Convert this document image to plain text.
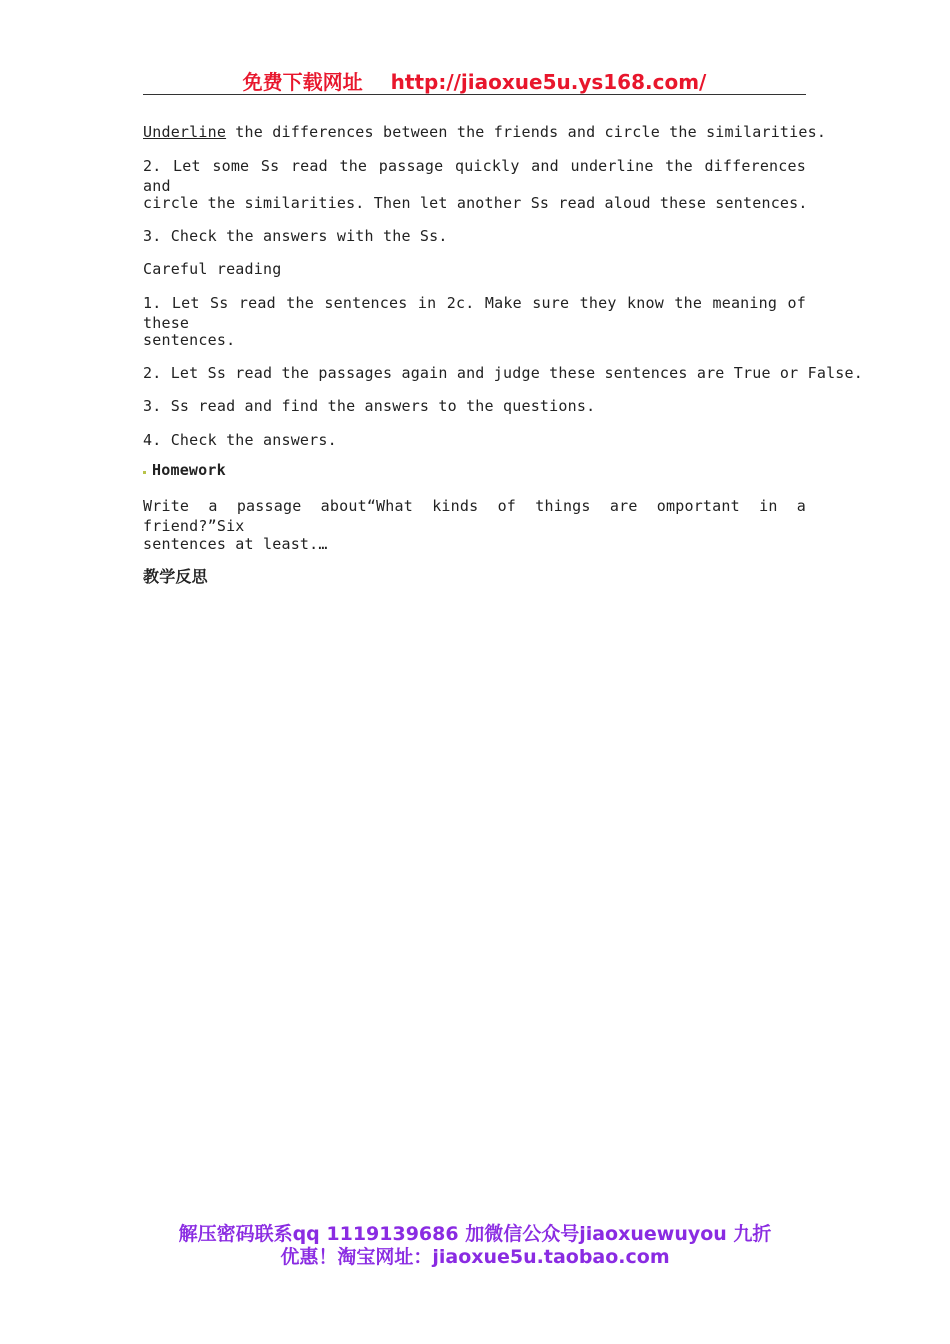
免费下载网址 http://jiaoxue5u.ys168.com/
Underline the differences between the friends and circle the similarities.
2. Let some Ss read the passage quickly and underline the differences and
circle the similarities. Then let another Ss read aloud these sentences.
3. Check the answers with the Ss.
Careful reading
1. Let Ss read the sentences in 2c. Make sure they know the meaning of these
sentences.
2. Let Ss read the passages again and judge these sentences are True or False.
3. Ss read and find the answers to the questions.
4. Check the answers.
Homework
Write a passage about“What kinds of things are omportant in a friend?”Six
sentences at least.…
教学反思
解压密码联系qq 1119139686 加微信公众号jiaoxuewuyou 九折
优惠！淘宝网址：jiaoxue5u.taobao.com
